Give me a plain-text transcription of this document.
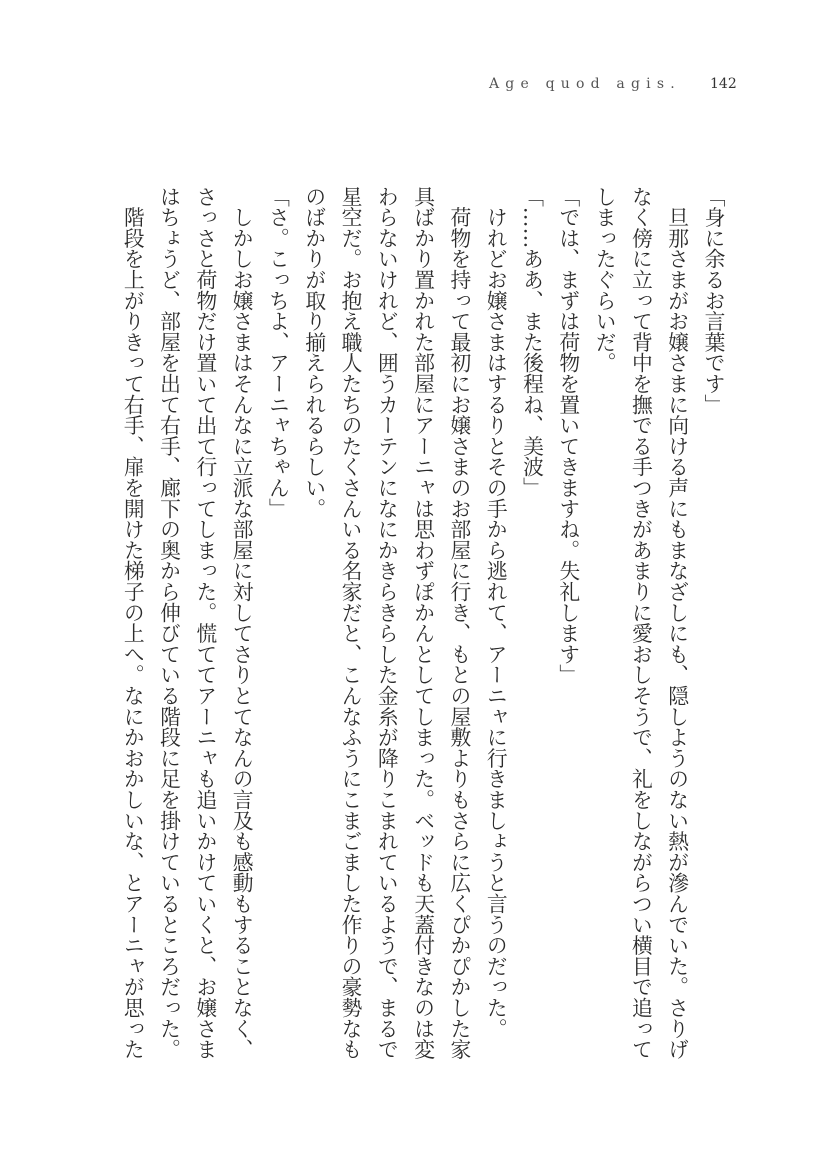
Age quod agis. 142
「身に余るお言葉です」
　旦那さまがお嬢さまに向ける声にもまなざしにも、隠しようのない熱が滲んでいた。さりげ
なく傍に立って背中を撫でる手つきがあまりに愛おしそうで、礼をしながらつい横目で追って
しまったぐらいだ。
「では、まずは荷物を置いてきますね。失礼します」
「……ああ、また後程ね、美波」
　けれどお嬢さまはするりとその手から逃れて、アーニャに行きましょうと言うのだった。
　荷物を持って最初にお嬢さまのお部屋に行き、もとの屋敷よりもさらに広くぴかぴかした家
具ばかり置かれた部屋にアーニャは思わずぽかんとしてしまった。ベッドも天蓋付きなのは変
わらないけれど、囲うカーテンになにかきらきらした金糸が降りこまれているようで、まるで
星空だ。お抱え職人たちのたくさんいる名家だと、こんなふうにこまごました作りの豪勢なも
のばかりが取り揃えられるらしい。
「さ。こっちよ、アーニャちゃん」
　しかしお嬢さまはそんなに立派な部屋に対してさりとてなんの言及も感動もすることなく、
さっさと荷物だけ置いて出て行ってしまった。慌ててアーニャも追いかけていくと、お嬢さま
はちょうど、部屋を出て右手、廊下の奥から伸びている階段に足を掛けているところだった。
　階段を上がりきって右手、扉を開けた梯子の上へ。なにかおかしいな、とアーニャが思った
